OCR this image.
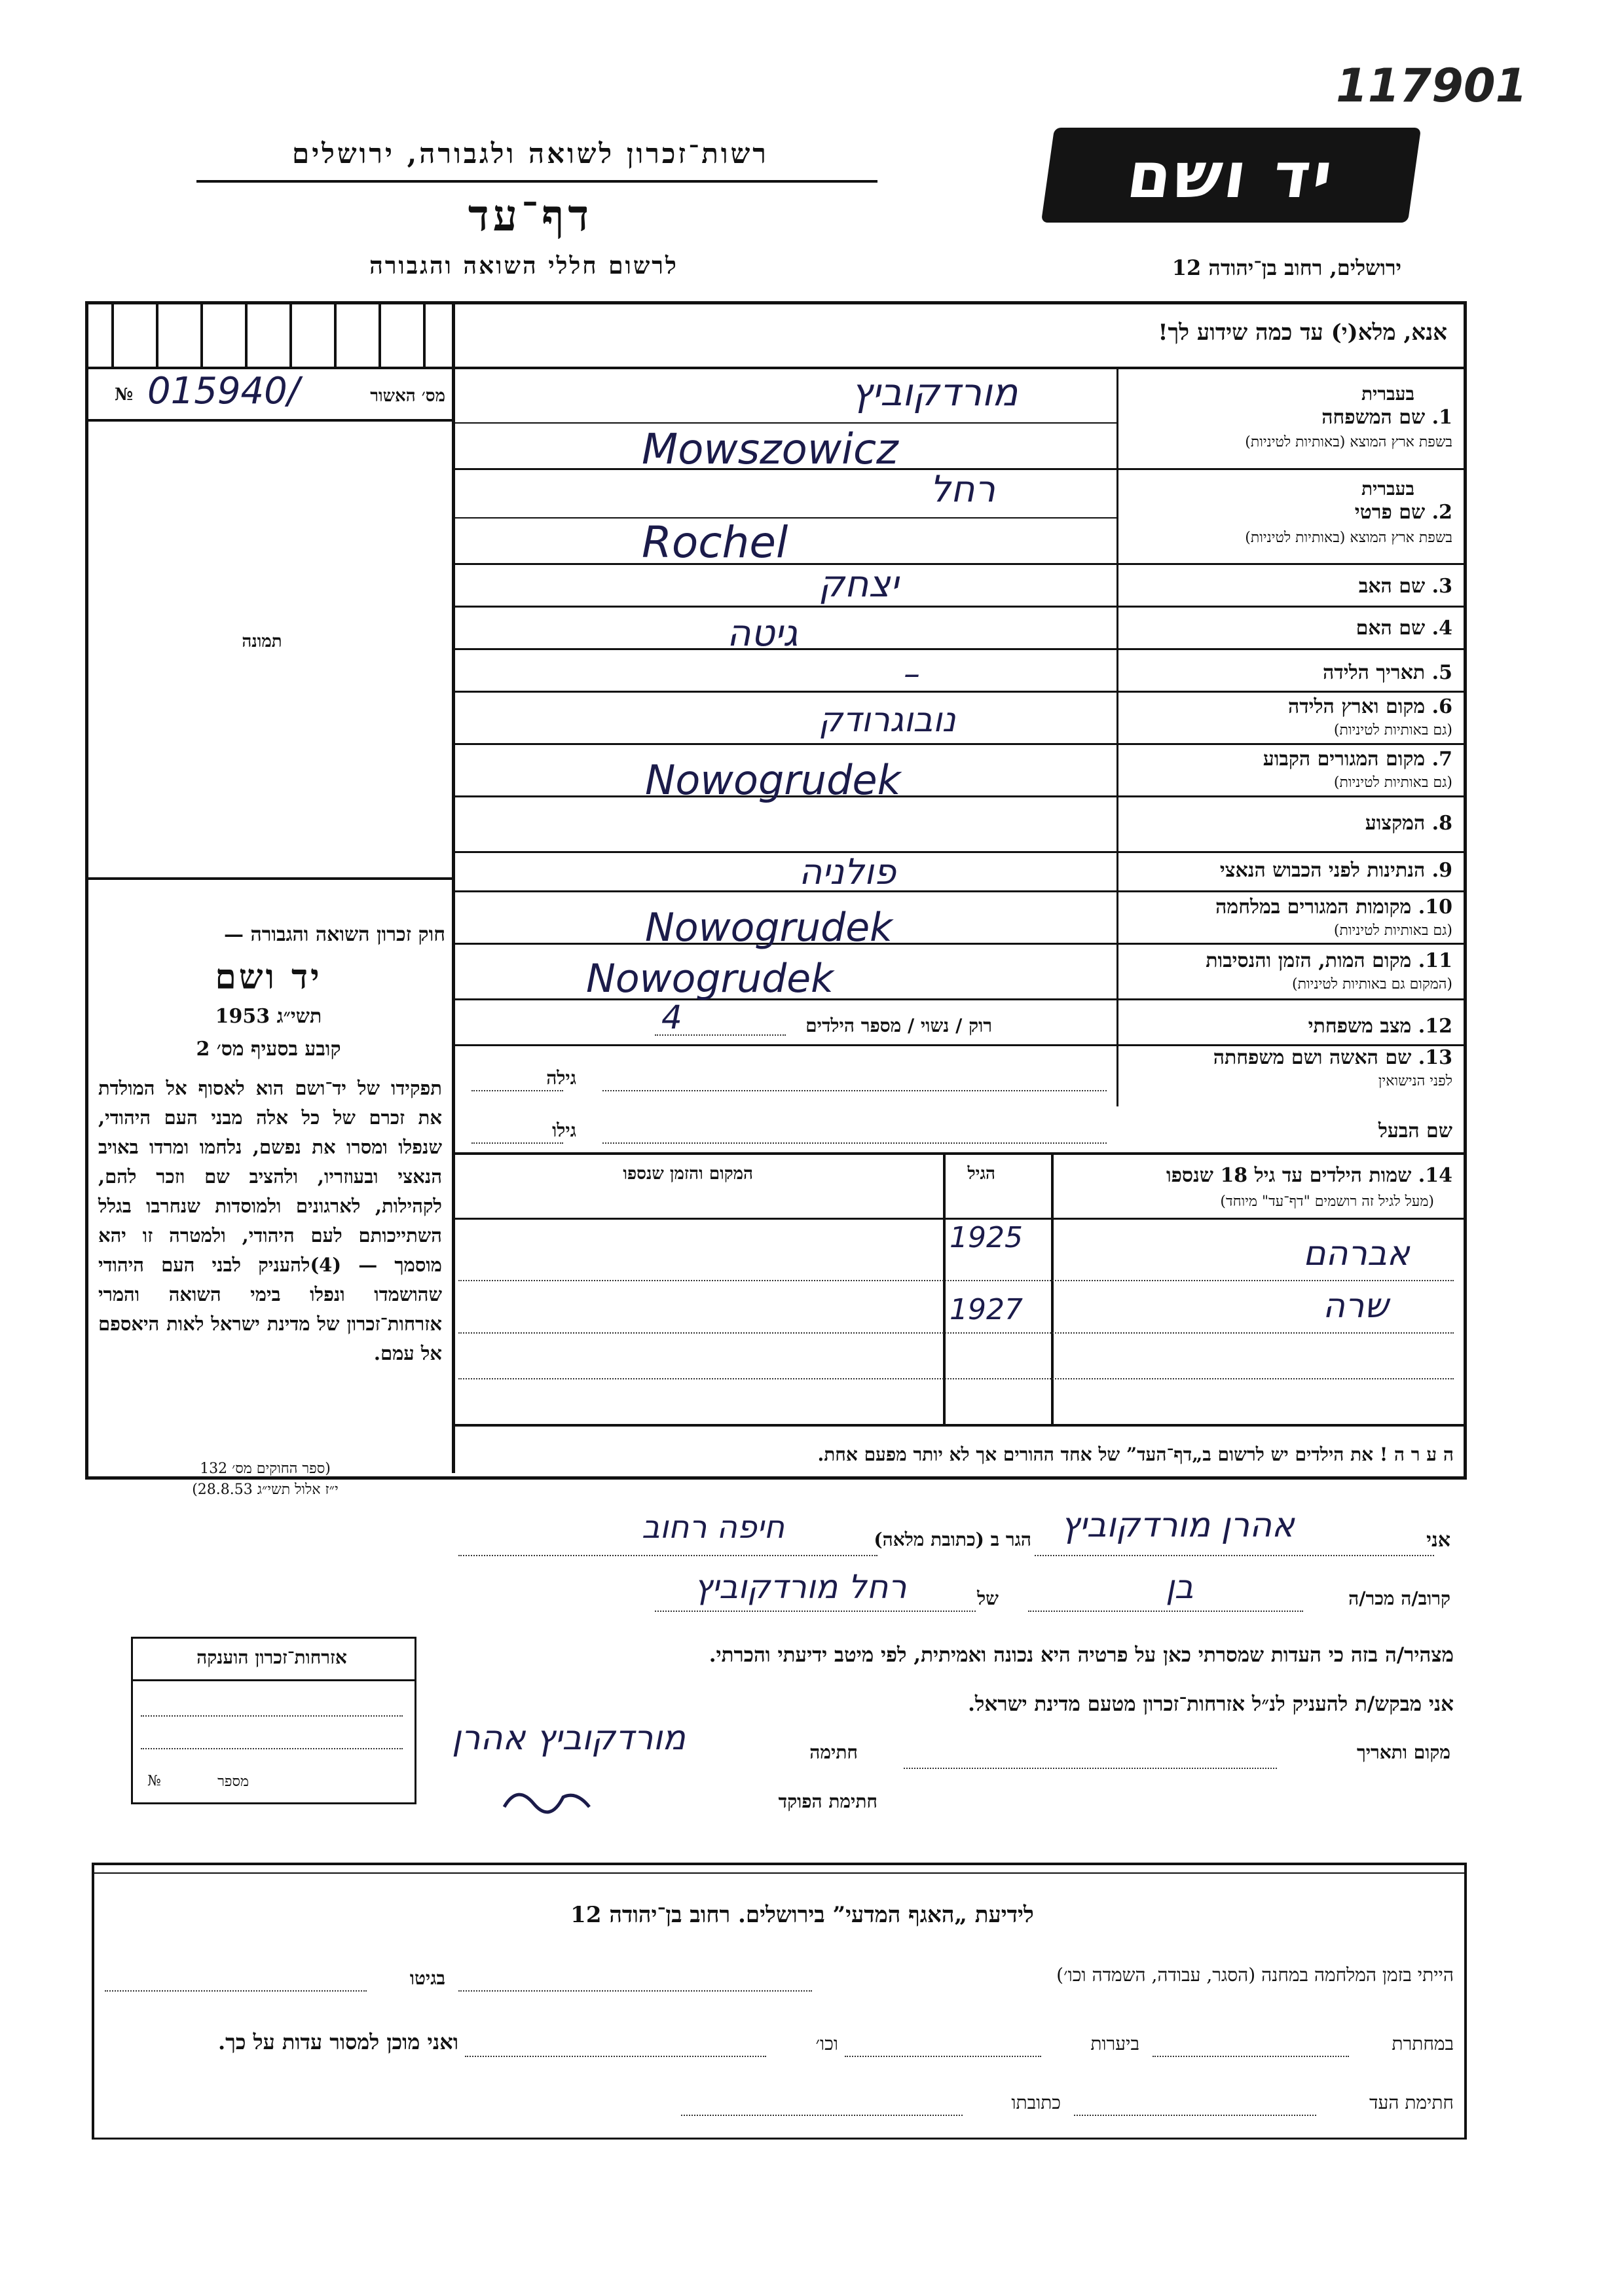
117901
רשות־זכרון לשואה ולגבורה, ירושלים
דף־עד
לרשום חללי השואה והגבורה
יד ושם
ירושלים, רחוב בן־יהודה 12
מס׳ האשור
№ 015940/
תמונה
חוק זכרון השואה והגבורה —
יד ושם
תשי״ג 1953
קובע בסעיף מס׳ 2
תפקידו של יד־ושם הוא לאסוף אל המולדת את זכרם של כל אלה מבני העם היהודי, שנפלו ומסרו את נפשם, נלחמו ומרדו באויב הנאצי ובעוזריו, ולהציב שם וזכר להם, לקהילות, לארגונים ולמוסדות שנחרבו בגלל השתייכותם לעם היהודי, ולמטרה זו יהא מוסמך — (4)להעניק לבני העם היהודי שהושמדו ונפלו בימי השואה והמרי אזרחות־זכרון של מדינת ישראל לאות היאספם אל עמם.
(ספר החוקים מס׳ 132
י״ז אלול תשי״ג 28.8.53)
אנא, מלא(י) עד כמה שידוע לך!
בעברית
1. שם המשפחה
בשפת ארץ המוצא (באותיות לטיניות)
מורדקוביץ
Mowszowicz
בעברית
2. שם פרטי
בשפת ארץ המוצא (באותיות לטיניות)
רחל
Rochel
3. שם האב
יצחק
4. שם האם
גיטה
5. תאריך הלידה
–
6. מקום וארץ הלידה
(גם באותיות לטיניות)
נובוגרודק
7. מקום המגורים הקבוע
(גם באותיות לטיניות)
Nowogrudek
8. המקצוע
9. הנתינות לפני הכבוש הנאצי
פולניה
10. מקומות המגורים במלחמה
(גם באותיות לטיניות)
Nowogrudek
11. מקום המות, הזמן והנסיבות
(המקום גם באותיות לטיניות)
Nowogrudek
12. מצב משפחתי
רוק / נשוי / מספר הילדים
4
13. שם האשה ושם משפחתה
לפני הנישואין
גילה
שם הבעל
גילו
14. שמות הילדים עד גיל 18 שנספו
(מעל לגיל זה רושמים "דף־עד" מיוחד)
הגיל
המקום והזמן שנספו
אברהם
1925
שרה
1927
ה ע ר ה ! את הילדים יש לרשום ב„דף־העד” של אחד ההורים אך לא יותר מפעם אחת.
אני
אהרן מורדקוביץ
הגר ב (כתובת מלאה)
חיפה רחוב
קרוב/ה מכר/ה
בן
של
רחל מורדקוביץ
מצהיר/ה בזה כי העדות שמסרתי כאן על פרטיה היא נכונה ואמיתית, לפי מיטב ידיעתי והכרתי.
אני מבקש/ת להעניק לנ״ל אזרחות־זכרון מטעם מדינת ישראל.
מקום ותאריך
חתימה
מורדקוביץ אהרן
חתימת הפוקד
אזרחות־זכרון הוענקה
מספר
№
לידיעת „האגף המדעי” בירושלים. רחוב בן־יהודה 12
הייתי בזמן המלחמה במחנה (הסגר, עבודה, השמדה וכו׳)
בגיטו
במחתרת
ביערות
וכו׳
ואני מוכן למסור עדות על כך.
חתימת העד
כתובתו
